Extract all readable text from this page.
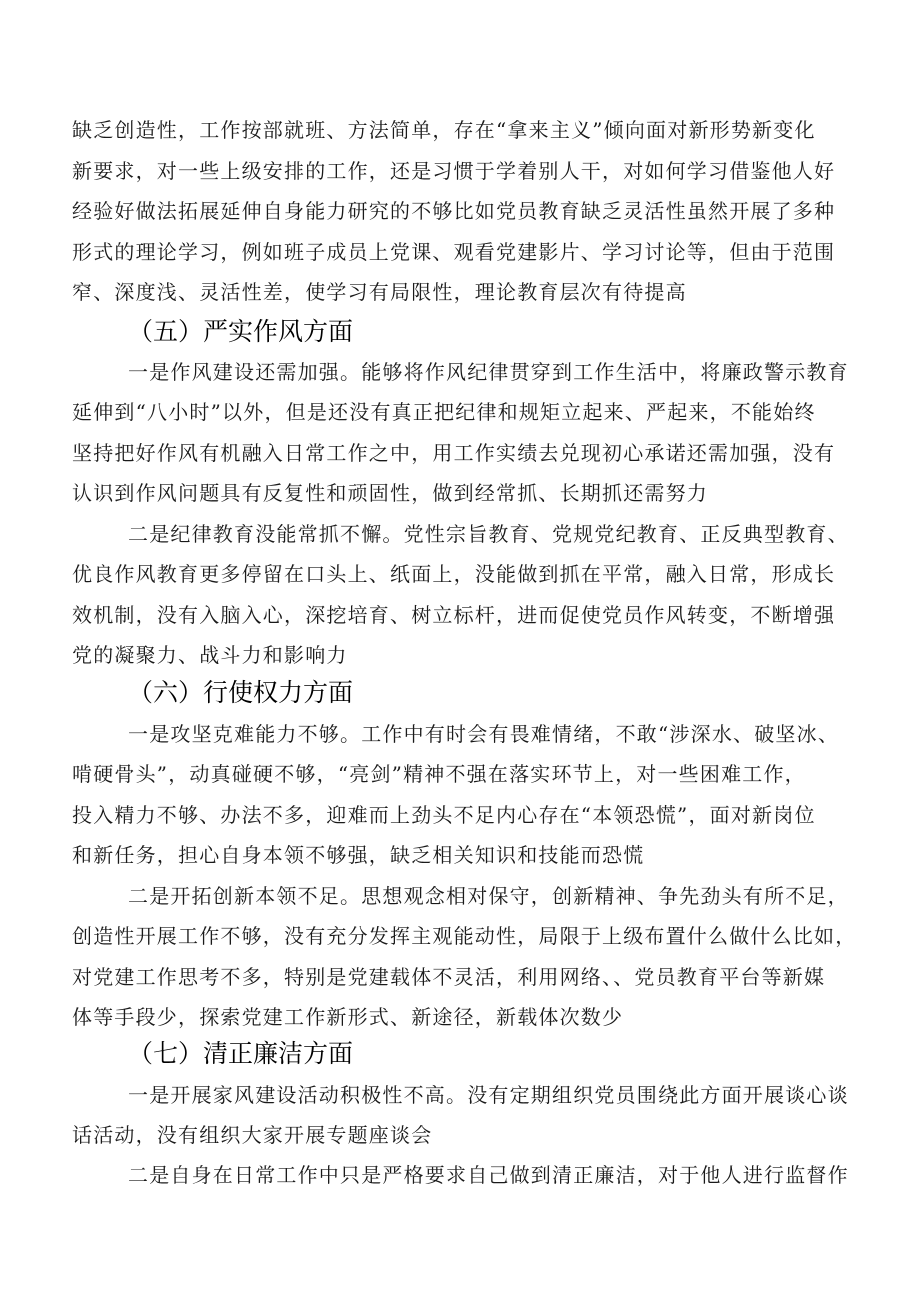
缺乏创造性，工作按部就班、方法简单，存在“拿来主义”倾向面对新形势新变化
新要求，对一些上级安排的工作，还是习惯于学着别人干，对如何学习借鉴他人好
经验好做法拓展延伸自身能力研究的不够比如党员教育缺乏灵活性虽然开展了多种
形式的理论学习，例如班子成员上党课、观看党建影片、学习讨论等，但由于范围
窄、深度浅、灵活性差，使学习有局限性，理论教育层次有待提高
（五）严实作风方面
一是作风建设还需加强。能够将作风纪律贯穿到工作生活中，将廉政警示教育
延伸到“八小时”以外，但是还没有真正把纪律和规矩立起来、严起来，不能始终
坚持把好作风有机融入日常工作之中，用工作实绩去兑现初心承诺还需加强，没有
认识到作风问题具有反复性和顽固性，做到经常抓、长期抓还需努力
二是纪律教育没能常抓不懈。党性宗旨教育、党规党纪教育、正反典型教育、
优良作风教育更多停留在口头上、纸面上，没能做到抓在平常，融入日常，形成长
效机制，没有入脑入心，深挖培育、树立标杆，进而促使党员作风转变，不断增强
党的凝聚力、战斗力和影响力
（六）行使权力方面
一是攻坚克难能力不够。工作中有时会有畏难情绪，不敢“涉深水、破坚冰、
啃硬骨头”，动真碰硬不够，“亮剑”精神不强在落实环节上，对一些困难工作，
投入精力不够、办法不多，迎难而上劲头不足内心存在“本领恐慌”，面对新岗位
和新任务，担心自身本领不够强，缺乏相关知识和技能而恐慌
二是开拓创新本领不足。思想观念相对保守，创新精神、争先劲头有所不足，
创造性开展工作不够，没有充分发挥主观能动性，局限于上级布置什么做什么比如，
对党建工作思考不多，特别是党建载体不灵活，利用网络、、党员教育平台等新媒
体等手段少，探索党建工作新形式、新途径，新载体次数少
（七）清正廉洁方面
一是开展家风建设活动积极性不高。没有定期组织党员围绕此方面开展谈心谈
话活动，没有组织大家开展专题座谈会
二是自身在日常工作中只是严格要求自己做到清正廉洁，对于他人进行监督作
